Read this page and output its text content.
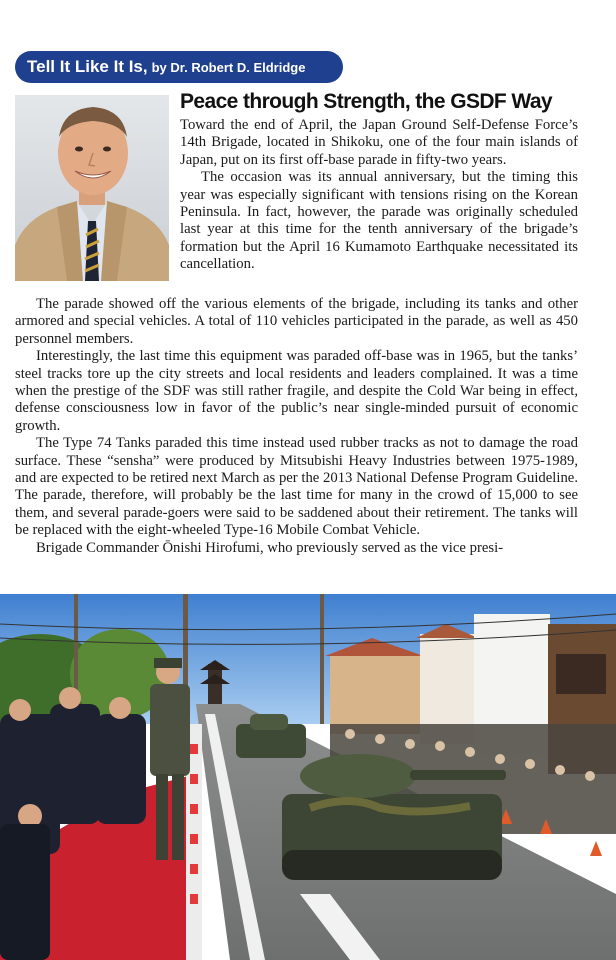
Tell It Like It Is, by Dr. Robert D. Eldridge
Peace through Strength, the GSDF Way

Toward the end of April, the Japan Ground Self-Defense Force’s 14th Brigade, located in Shikoku, one of the four main islands of Japan, put on its first off-base parade in fifty-two years.

The occasion was its annual anniversary, but the timing this year was especially significant with tensions rising on the Korean Peninsula. In fact, however, the parade was originally scheduled last year at this time for the tenth anniversary of the brigade’s formation but the April 16 Kumamoto Earthquake necessitated its cancellation.

The parade showed off the various elements of the brigade, including its tanks and other armored and special vehicles. A total of 110 vehicles participated in the parade, as well as 450 personnel members.

Interestingly, the last time this equipment was paraded off-base was in 1965, but the tanks’ steel tracks tore up the city streets and local residents and leaders complained. It was a time when the prestige of the SDF was still rather fragile, and despite the Cold War being in effect, defense consciousness low in favor of the public’s near single-minded pursuit of economic growth.

The Type 74 Tanks paraded this time instead used rubber tracks as not to damage the road surface. These “sensha” were produced by Mitsubishi Heavy Industries between 1975-1989, and are expected to be retired next March as per the 2013 National Defense Program Guideline. The parade, therefore, will probably be the last time for many in the crowd of 15,000 to see them, and several parade-goers were said to be saddened about their retirement. The tanks will be replaced with the eight-wheeled Type-16 Mobile Combat Vehicle.

Brigade Commander Ōnishi Hirofumi, who previously served as the vice presi-
